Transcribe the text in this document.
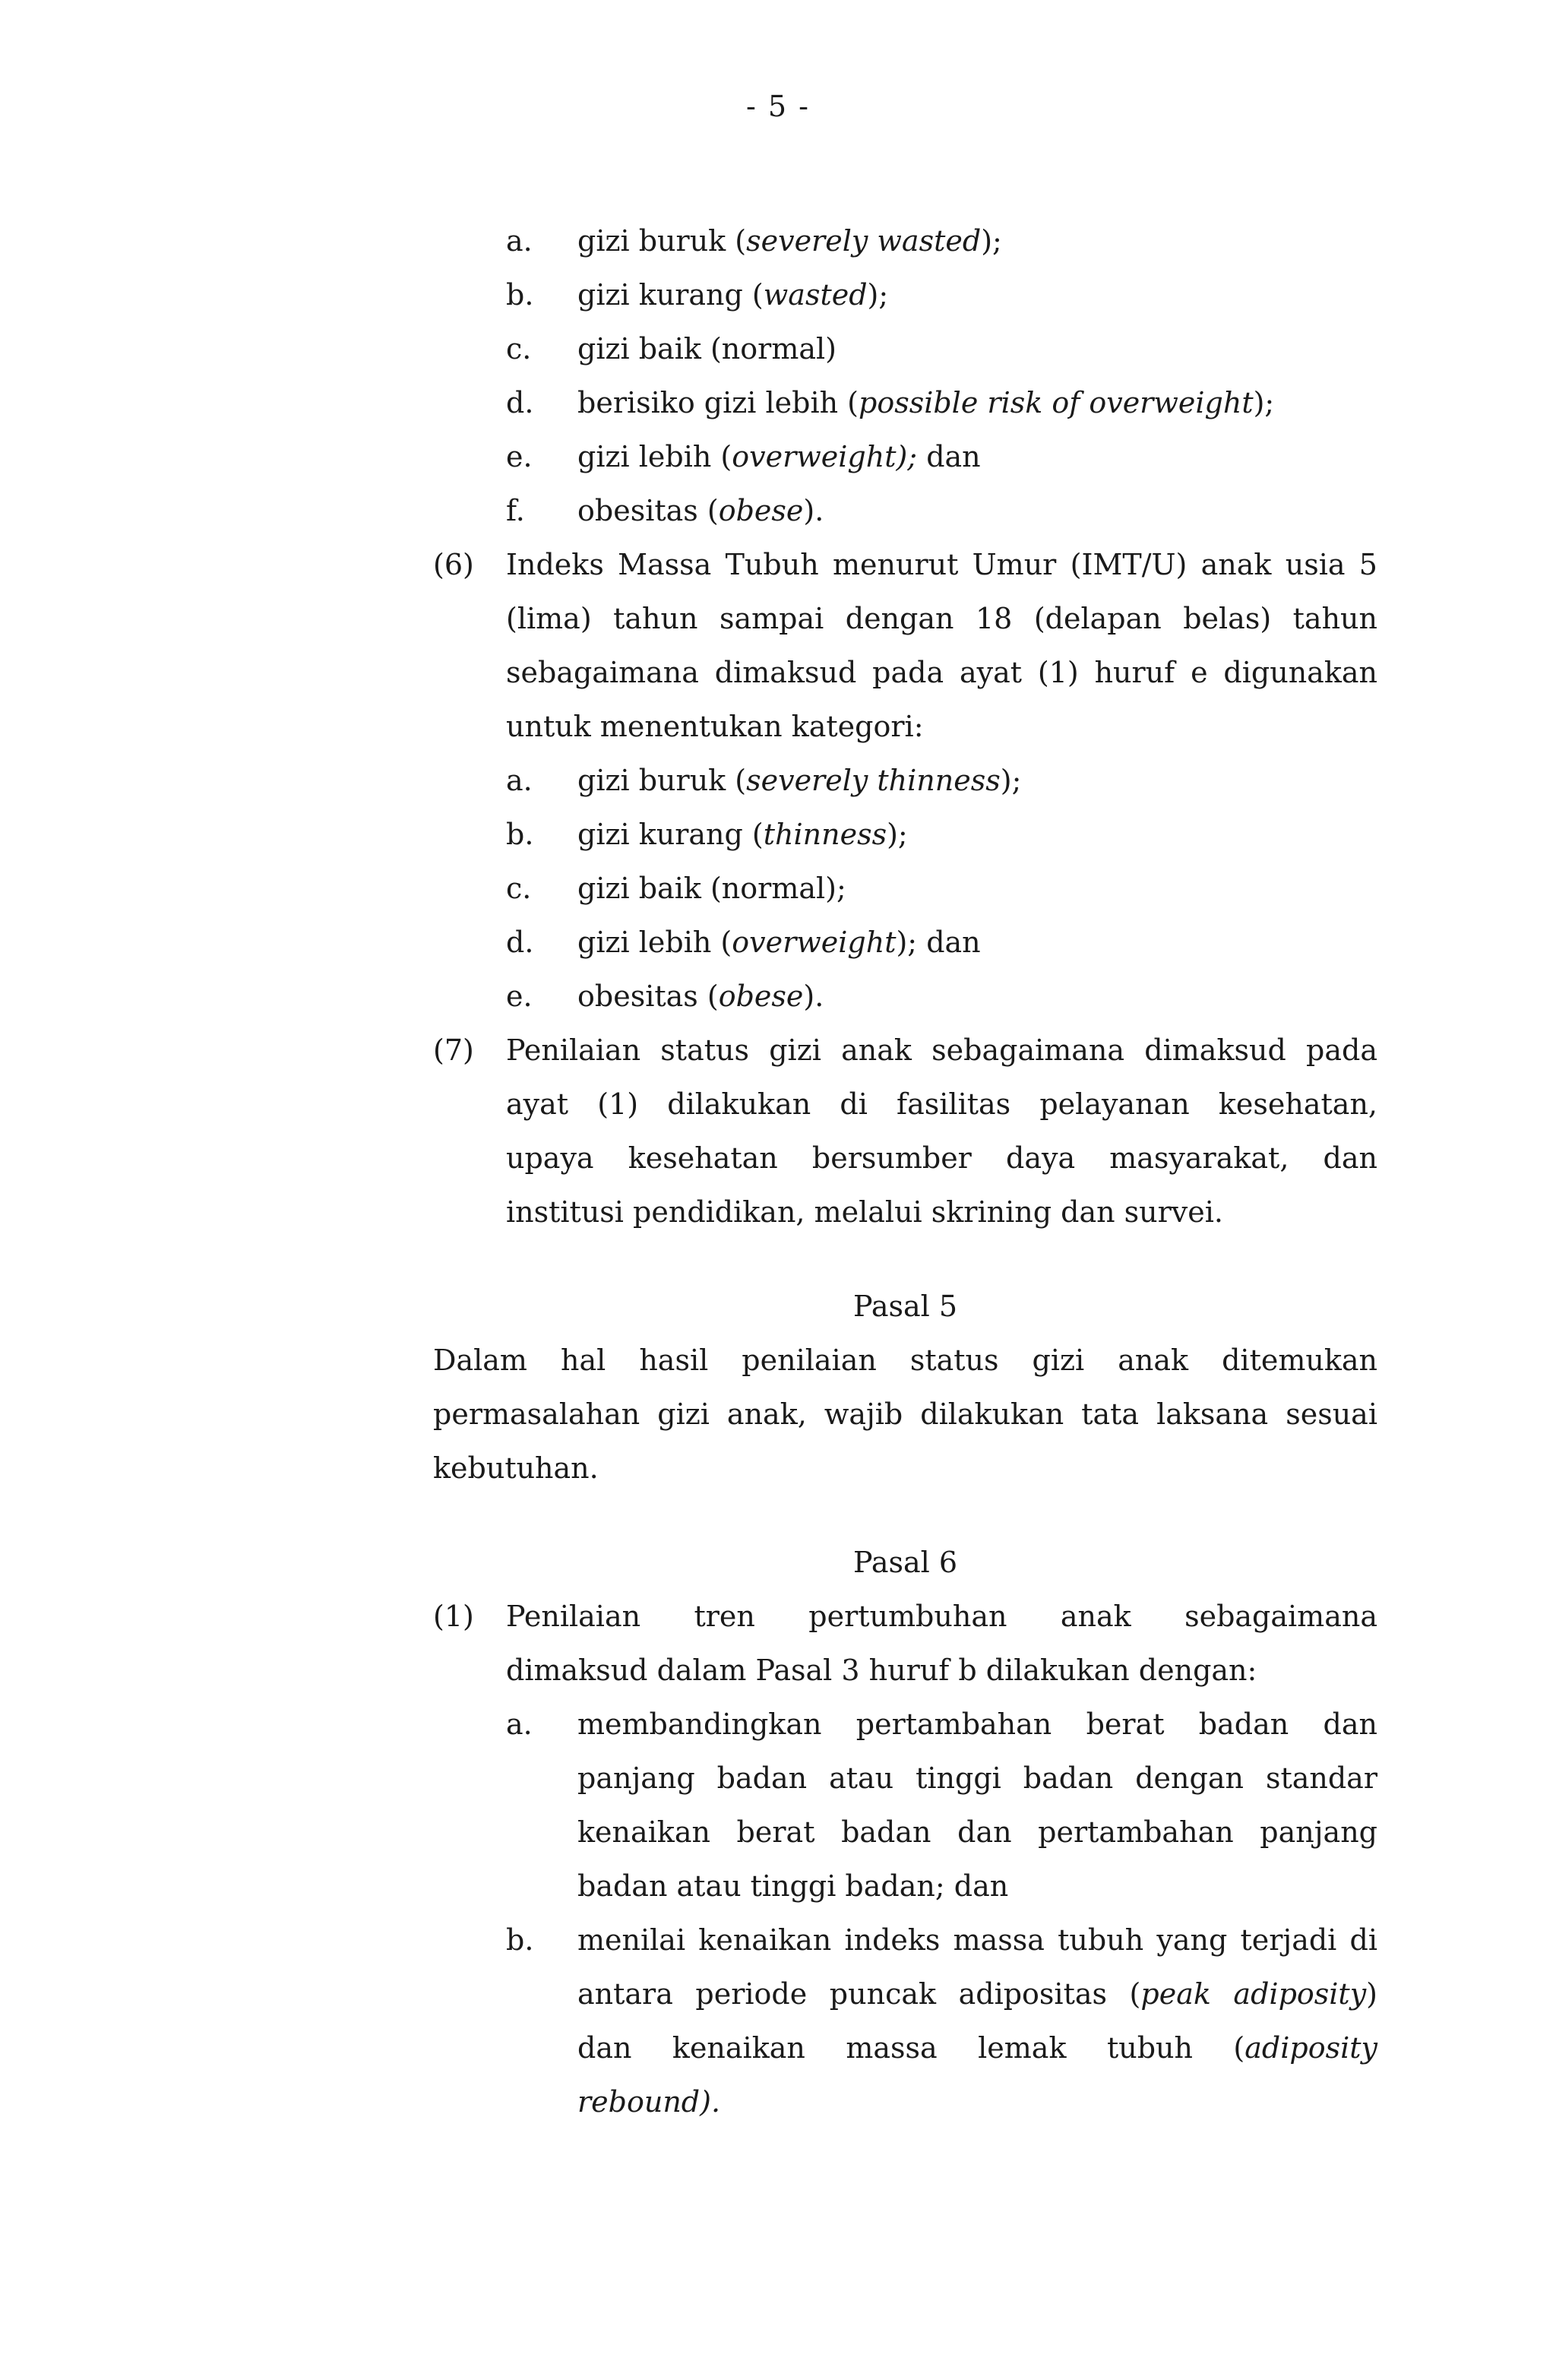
- 5 -
a. gizi buruk (severely wasted);
b. gizi kurang (wasted);
c. gizi baik (normal)
d. berisiko gizi lebih (possible risk of overweight);
e. gizi lebih (overweight); dan
f. obesitas (obese).
(6) Indeks Massa Tubuh menurut Umur (IMT/U) anak usia 5
(lima) tahun sampai dengan 18 (delapan belas) tahun
sebagaimana dimaksud pada ayat (1) huruf e digunakan
untuk menentukan kategori:
a. gizi buruk (severely thinness);
b. gizi kurang (thinness);
c. gizi baik (normal);
d. gizi lebih (overweight); dan
e. obesitas (obese).
(7) Penilaian status gizi anak sebagaimana dimaksud pada
ayat (1) dilakukan di fasilitas pelayanan kesehatan,
upaya kesehatan bersumber daya masyarakat, dan
institusi pendidikan, melalui skrining dan survei.
Pasal 5
Dalam hal hasil penilaian status gizi anak ditemukan
permasalahan gizi anak, wajib dilakukan tata laksana sesuai
kebutuhan.
Pasal 6
(1) Penilaian tren pertumbuhan anak sebagaimana
dimaksud dalam Pasal 3 huruf b dilakukan dengan:
a. membandingkan pertambahan berat badan dan
panjang badan atau tinggi badan dengan standar
kenaikan berat badan dan pertambahan panjang
badan atau tinggi badan; dan
b. menilai kenaikan indeks massa tubuh yang terjadi di
antara periode puncak adipositas (peak adiposity)
dan kenaikan massa lemak tubuh (adiposity
rebound).
